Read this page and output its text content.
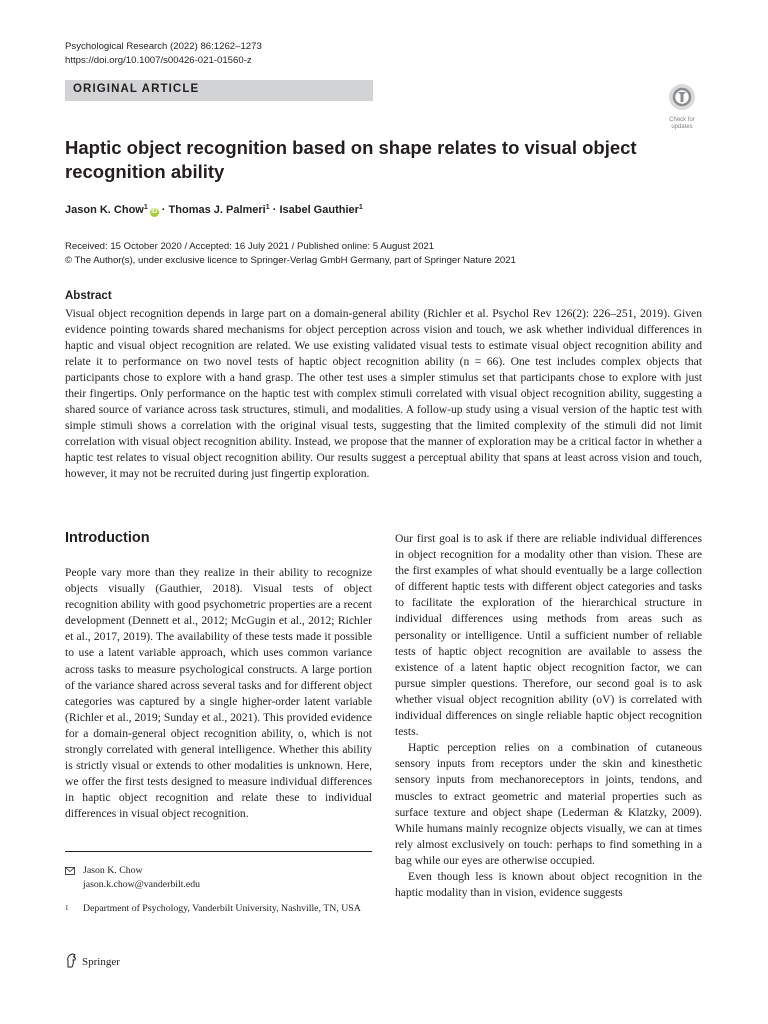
Psychological Research (2022) 86:1262–1273
https://doi.org/10.1007/s00426-021-01560-z
ORIGINAL ARTICLE
Check for
updates
Haptic object recognition based on shape relates to visual object recognition ability
Jason K. Chow$^1$iD · Thomas J. Palmeri$^1$ · Isabel Gauthier$^1$
Received: 15 October 2020 / Accepted: 16 July 2021 / Published online: 5 August 2021
© The Author(s), under exclusive licence to Springer-Verlag GmbH Germany, part of Springer Nature 2021
Abstract
Visual object recognition depends in large part on a domain-general ability (Richler et al. Psychol Rev 126(2): 226–251, 2019). Given evidence pointing towards shared mechanisms for object perception across vision and touch, we ask whether individual differences in haptic and visual object recognition are related. We use existing validated visual tests to estimate visual object recognition ability and relate it to performance on two novel tests of haptic object recognition ability (n = 66). One test includes complex objects that participants chose to explore with a hand grasp. The other test uses a simpler stimulus set that participants chose to explore with just their fingertips. Only performance on the haptic test with complex stimuli correlated with visual object recognition ability, suggesting a shared source of variance across task structures, stimuli, and modalities. A follow-up study using a visual version of the haptic test with simple stimuli shows a correlation with the original visual tests, suggesting that the limited complexity of the stimuli did not limit correlation with visual object recognition ability. Instead, we propose that the manner of exploration may be a critical factor in whether a haptic test relates to visual object recognition ability. Our results suggest a perceptual ability that spans at least across vision and touch, however, it may not be recruited during just fingertip exploration.
Introduction

People vary more than they realize in their ability to recognize objects visually (Gauthier, 2018). Visual tests of object recognition ability with good psychometric properties are a recent development (Dennett et al., 2012; McGugin et al., 2012; Richler et al., 2017, 2019). The availability of these tests made it possible to use a latent variable approach, which uses common variance across tasks to measure psychological constructs. A large portion of the variance shared across several tasks and for different object categories was captured by a single higher-order latent variable (Richler et al., 2019; Sunday et al., 2021). This provided evidence for a domain-general object recognition ability, o, which is not strongly correlated with general intelligence. Whether this ability is strictly visual or extends to other modalities is unknown. Here, we offer the first tests designed to measure individual differences in haptic object recognition and relate these to individual differences in visual object recognition.

Our first goal is to ask if there are reliable individual differences in object recognition for a modality other than vision. These are the first examples of what should eventually be a large collection of different haptic tests with different object categories and tasks to facilitate the exploration of the hierarchical structure in individual differences using methods from areas such as personality or intelligence. Until a sufficient number of reliable tests of haptic object recognition are available to assess the existence of a latent haptic object recognition factor, we can pursue simpler questions. Therefore, our second goal is to ask whether visual object recognition ability (oV) is correlated with individual differences on single reliable haptic object recognition tests.

Haptic perception relies on a combination of cutaneous sensory inputs from receptors under the skin and kinesthetic sensory inputs from mechanoreceptors in joints, tendons, and muscles to extract geometric and material properties such as surface texture and object shape (Lederman & Klatzky, 2009). While humans mainly recognize objects visually, we can at times rely almost exclusively on touch: perhaps to find something in a bag while our eyes are otherwise occupied.

Even though less is known about object recognition in the haptic modality than in vision, evidence suggests

Jason K. Chow
jason.k.chow@vanderbilt.edu
1 Department of Psychology, Vanderbilt University, Nashville, TN, USA
Springer
